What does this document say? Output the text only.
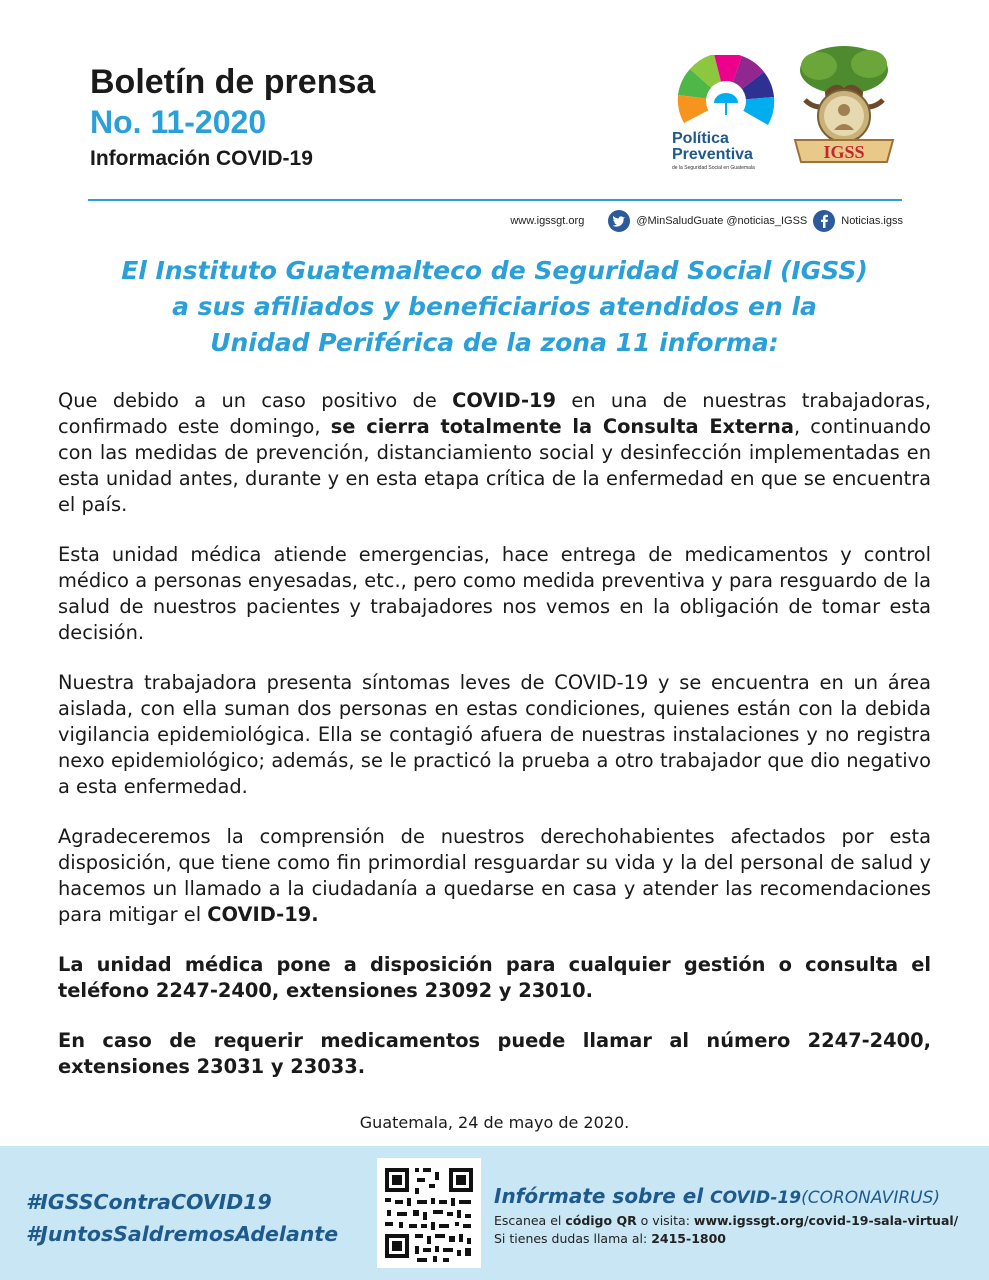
Boletín de prensa
No. 11-2020
Información COVID-19
Política
Preventiva
de la Seguridad Social en Guatemala
IGSS
www.igssgt.org	@MinSaludGuate @noticias_IGSS	Noticias.igss
El Instituto Guatemalteco de Seguridad Social (IGSS)
a sus afiliados y beneficiarios atendidos en la
Unidad Periférica de la zona 11 informa:

Que debido a un caso positivo de COVID-19 en una de nuestras trabajadoras, confirmado este domingo, se cierra totalmente la Consulta Externa, continuando con las medidas de prevención, distanciamiento social y desinfección implementadas en esta unidad antes, durante y en esta etapa crítica de la enfermedad en que se encuentra el país.

Esta unidad médica atiende emergencias, hace entrega de medicamentos y control médico a personas enyesadas, etc., pero como medida preventiva y para resguardo de la salud de nuestros pacientes y trabajadores nos vemos en la obligación de tomar esta decisión.

Nuestra trabajadora presenta síntomas leves de COVID-19 y se encuentra en un área aislada, con ella suman dos personas en estas condiciones, quienes están con la debida vigilancia epidemiológica. Ella se contagió afuera de nuestras instalaciones y no registra nexo epidemiológico; además, se le practicó la prueba a otro trabajador que dio negativo a esta enfermedad.

Agradeceremos la comprensión de nuestros derechohabientes afectados por esta disposición, que tiene como fin primordial resguardar su vida y la del personal de salud y hacemos un llamado a la ciudadanía a quedarse en casa y atender las recomendaciones para mitigar el COVID-19.

La unidad médica pone a disposición para cualquier gestión o consulta el teléfono 2247-2400, extensiones 23092 y 23010.

En caso de requerir medicamentos puede llamar al número 2247-2400, extensiones 23031 y 23033.

Guatemala, 24 de mayo de 2020.
#IGSSContraCOVID19
#JuntosSaldremosAdelante
Infórmate sobre el COVID-19(CORONAVIRUS)
Escanea el código QR o visita: www.igssgt.org/covid-19-sala-virtual/
Si tienes dudas llama al: 2415-1800
